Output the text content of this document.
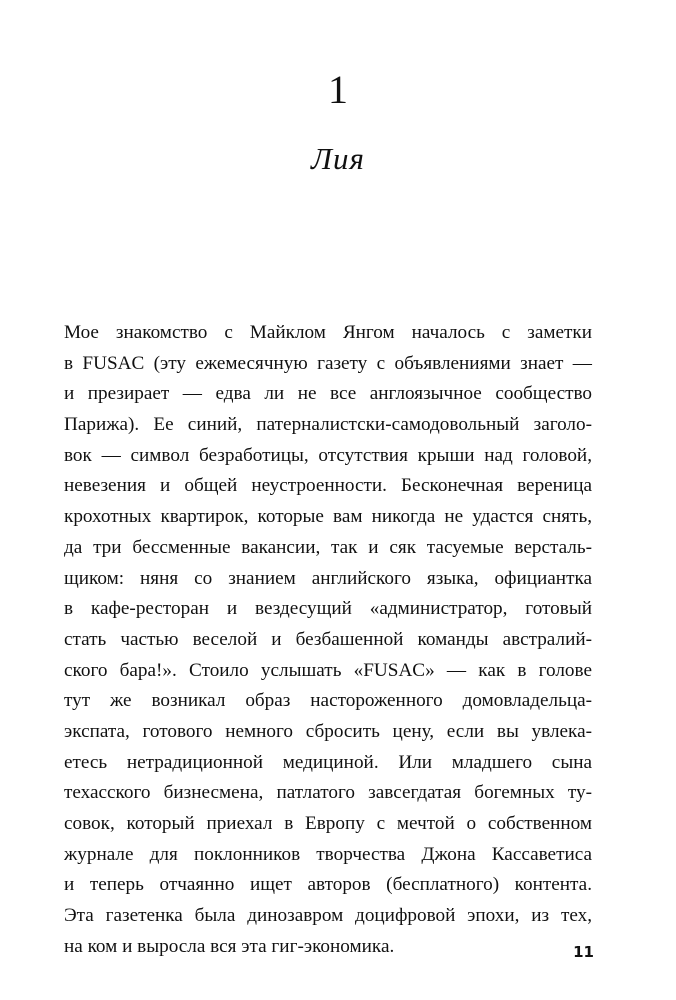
1
Лия
Мое знакомство с Майклом Янгом началось с заметки
в FUSAC (эту ежемесячную газету с объявлениями знает —
и презирает — едва ли не все англоязычное сообщество
Парижа). Ее синий, патерналистски-самодовольный заголо-
вок — символ безработицы, отсутствия крыши над головой,
невезения и общей неустроенности. Бесконечная вереница
крохотных квартирок, которые вам никогда не удастся снять,
да три бессменные вакансии, так и сяк тасуемые версталь-
щиком: няня со знанием английского языка, официантка
в кафе-ресторан и вездесущий «администратор, готовый
стать частью веселой и безбашенной команды австралий-
ского бара!». Стоило услышать «FUSAC» — как в голове
тут же возникал образ настороженного домовладельца-
экспата, готового немного сбросить цену, если вы увлека-
етесь нетрадиционной медициной. Или младшего сына
техасского бизнесмена, патлатого завсегдатая богемных ту-
совок, который приехал в Европу с мечтой о собственном
журнале для поклонников творчества Джона Кассаветиса
и теперь отчаянно ищет авторов (бесплатного) контента.
Эта газетенка была динозавром доцифровой эпохи, из тех,
на ком и выросла вся эта гиг-экономика.	11
